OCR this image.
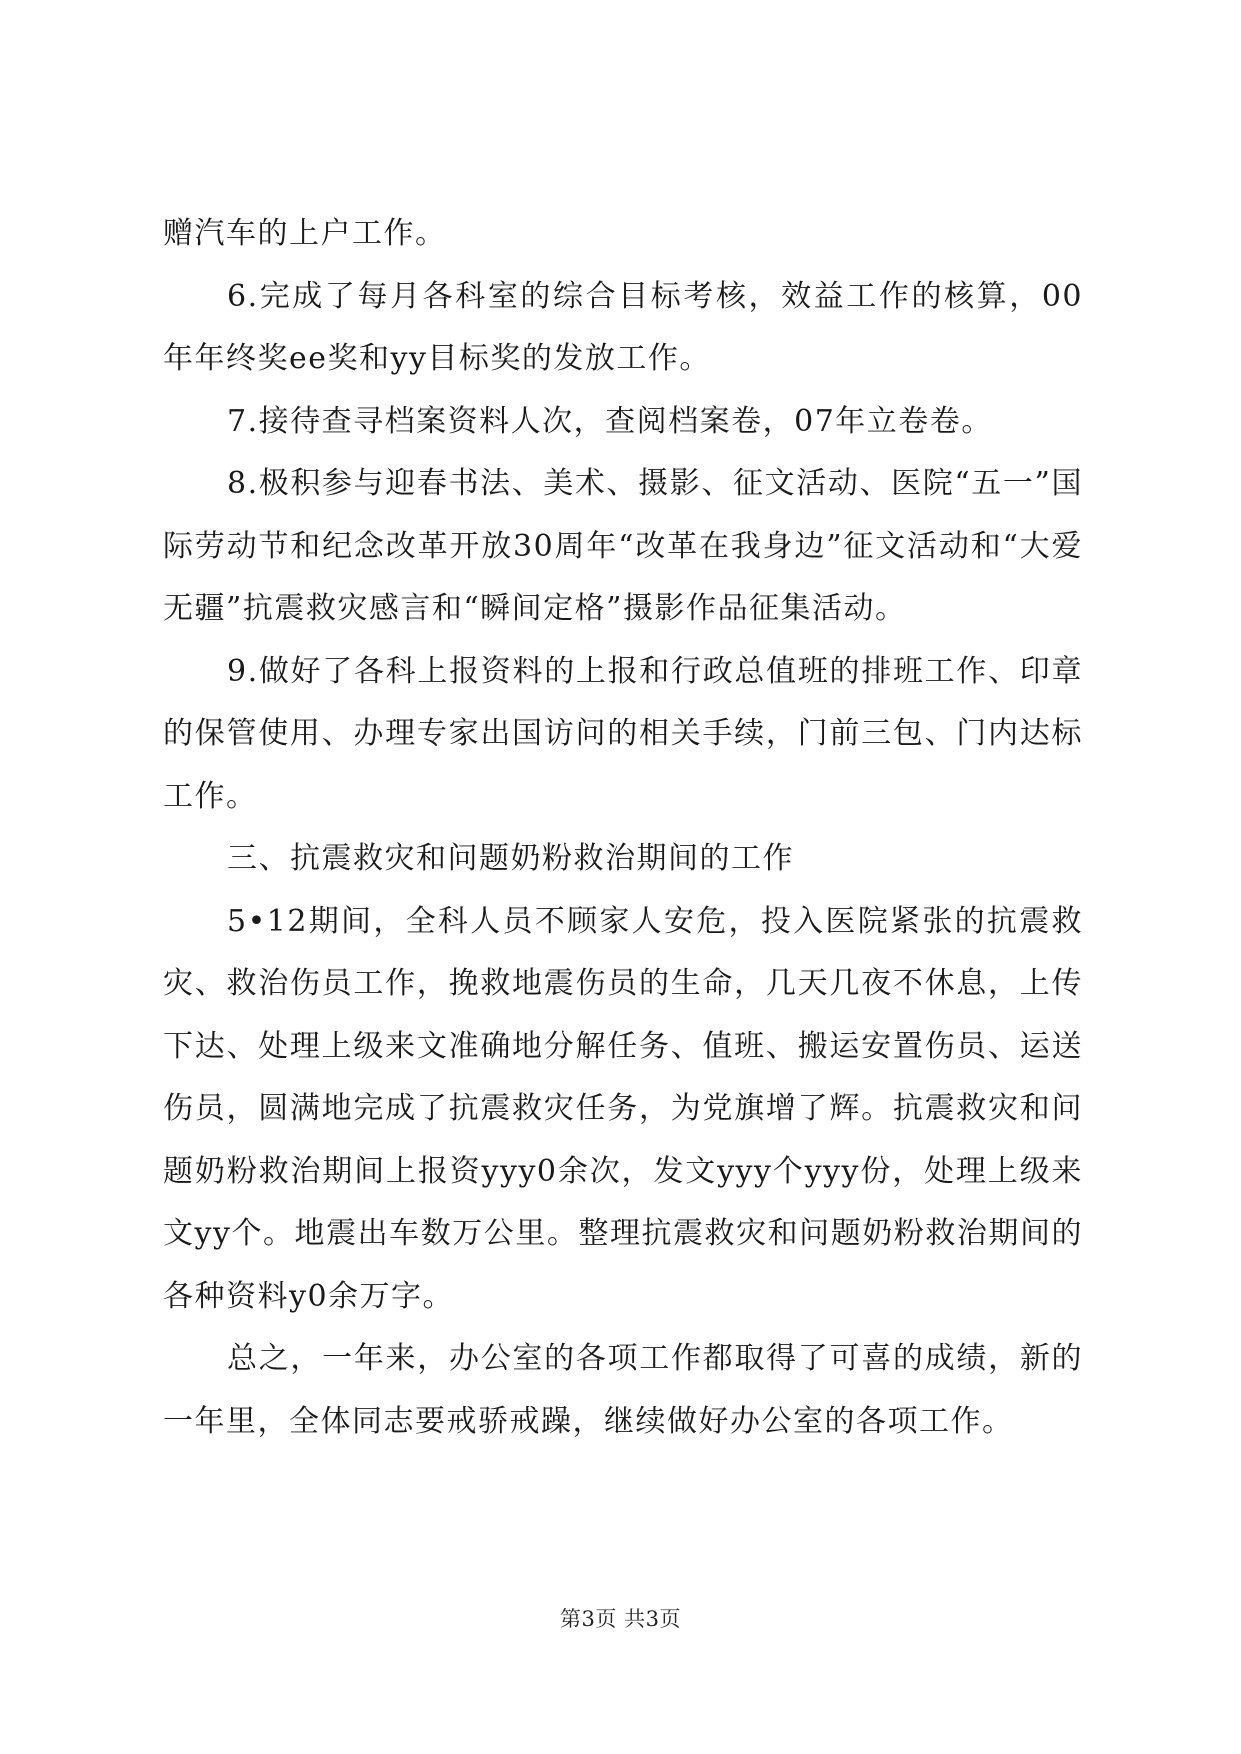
赠汽车的上户工作。

6.完成了每月各科室的综合目标考核，效益工作的核算，00年年终奖ee奖和yy目标奖的发放工作。

7.接待查寻档案资料人次，查阅档案卷，07年立卷卷。

8.极积参与迎春书法、美术、摄影、征文活动、医院“五一”国际劳动节和纪念改革开放30周年“改革在我身边”征文活动和“大爱无疆”抗震救灾感言和“瞬间定格”摄影作品征集活动。

9.做好了各科上报资料的上报和行政总值班的排班工作、印章的保管使用、办理专家出国访问的相关手续，门前三包、门内达标工作。

三、抗震救灾和问题奶粉救治期间的工作

5•12期间，全科人员不顾家人安危，投入医院紧张的抗震救灾、救治伤员工作，挽救地震伤员的生命，几天几夜不休息，上传下达、处理上级来文准确地分解任务、值班、搬运安置伤员、运送伤员，圆满地完成了抗震救灾任务，为党旗增了辉。抗震救灾和问题奶粉救治期间上报资yyy0余次，发文yyy个yyy份，处理上级来文yy个。地震出车数万公里。整理抗震救灾和问题奶粉救治期间的各种资料y0余万字。

总之，一年来，办公室的各项工作都取得了可喜的成绩，新的一年里，全体同志要戒骄戒躁，继续做好办公室的各项工作。

第3页 共3页
